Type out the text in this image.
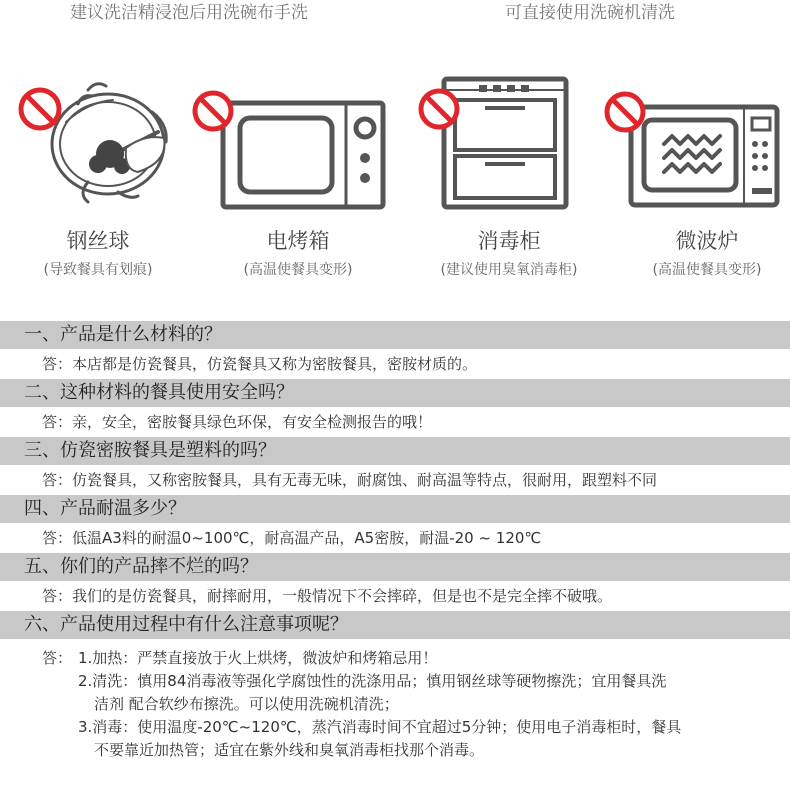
建议洗洁精浸泡后用洗碗布手洗	可直接使用洗碗机清洗
钢丝球
(导致餐具有划痕)
电烤箱
(高温使餐具变形)
消毒柜
(建议使用臭氧消毒柜)
微波炉
(高温使餐具变形)
一、产品是什么材料的？
答：本店都是仿瓷餐具，仿瓷餐具又称为密胺餐具，密胺材质的。
二、这种材料的餐具使用安全吗？
答：亲，安全，密胺餐具绿色环保，有安全检测报告的哦！
三、仿瓷密胺餐具是塑料的吗？
答：仿瓷餐具，又称密胺餐具，具有无毒无味，耐腐蚀、耐高温等特点，很耐用，跟塑料不同
四、产品耐温多少？
答：低温A3料的耐温0~100℃，耐高温产品，A5密胺，耐温-20 ~ 120℃
五、你们的产品摔不烂的吗？
答：我们的是仿瓷餐具，耐摔耐用，一般情况下不会摔碎，但是也不是完全摔不破哦。
六、产品使用过程中有什么注意事项呢？
答： 1.加热：严禁直接放于火上烘烤，微波炉和烤箱忌用！
2.清洗：慎用84消毒液等强化学腐蚀性的洗涤用品；慎用钢丝球等硬物擦洗；宜用餐具洗
洁剂 配合软纱布擦洗。可以使用洗碗机清洗；
3.消毒：使用温度-20℃~120℃，蒸汽消毒时间不宜超过5分钟；使用电子消毒柜时，餐具
不要靠近加热管；适宜在紫外线和臭氧消毒柜找那个消毒。
